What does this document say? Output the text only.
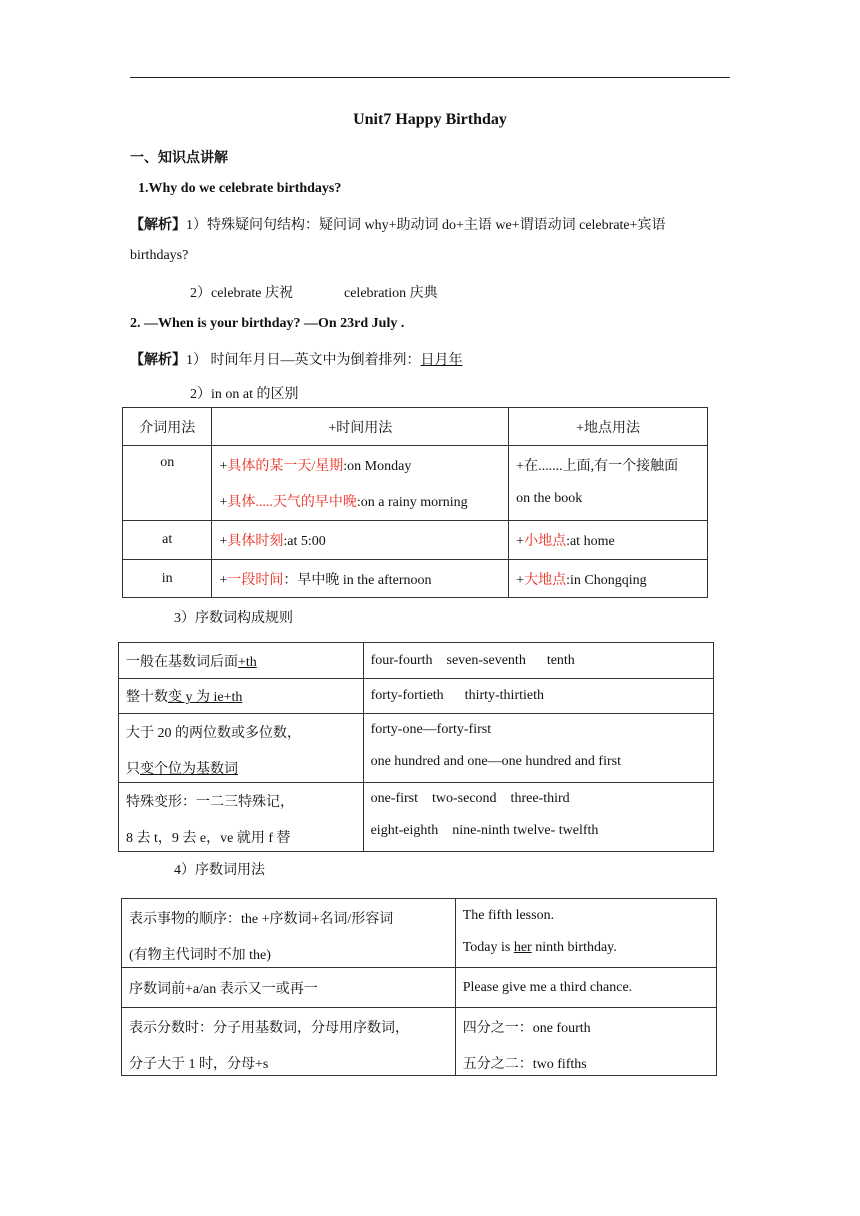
Unit7 Happy Birthday
一、知识点讲解
1.Why do we celebrate birthdays?
【解析】1）特殊疑问句结构：疑问词 why+助动词 do+主语 we+谓语动词 celebrate+宾语
birthdays?
2）celebrate 庆祝	celebration 庆典
2. —When is your birthday? —On 23rd July .
【解析】1） 时间年月日—英文中为倒着排列：日月年
2）in on at 的区别
介词用法	+时间用法	+地点用法
on	+具体的某一天/星期:on Monday
+具体.....天气的早中晚:on a rainy morning	+在.......上面,有一个接触面
on the book

at	+具体时刻:at 5:00	+小地点:at home
in	+一段时间：早中晚 in the afternoon	+大地点:in Chongqing
3）序数词构成规则
一般在基数词后面+th	four-fourth    seven-seventh      tenth
整十数变 y 为 ie+th	forty-fortieth      thirty-thirtieth

大于 20 的两位数或多位数，
只变个位为基数词	forty-one—forty-first
one hundred and one—one hundred and first

特殊变形：一二三特殊记，
8 去 t，9 去 e，ve 就用 f 替	one-first    two-second    three-third
eight-eighth    nine-ninth twelve- twelfth
4）序数词用法
表示事物的顺序：the +序数词+名词/形容词
(有物主代词时不加 the)	The fifth lesson.
Today is her ninth birthday.

序数词前+a/an 表示又一或再一	Please give me a third chance.

表示分数时：分子用基数词，分母用序数词，
分子大于 1 时，分母+s	四分之一：one fourth
五分之二：two fifths
